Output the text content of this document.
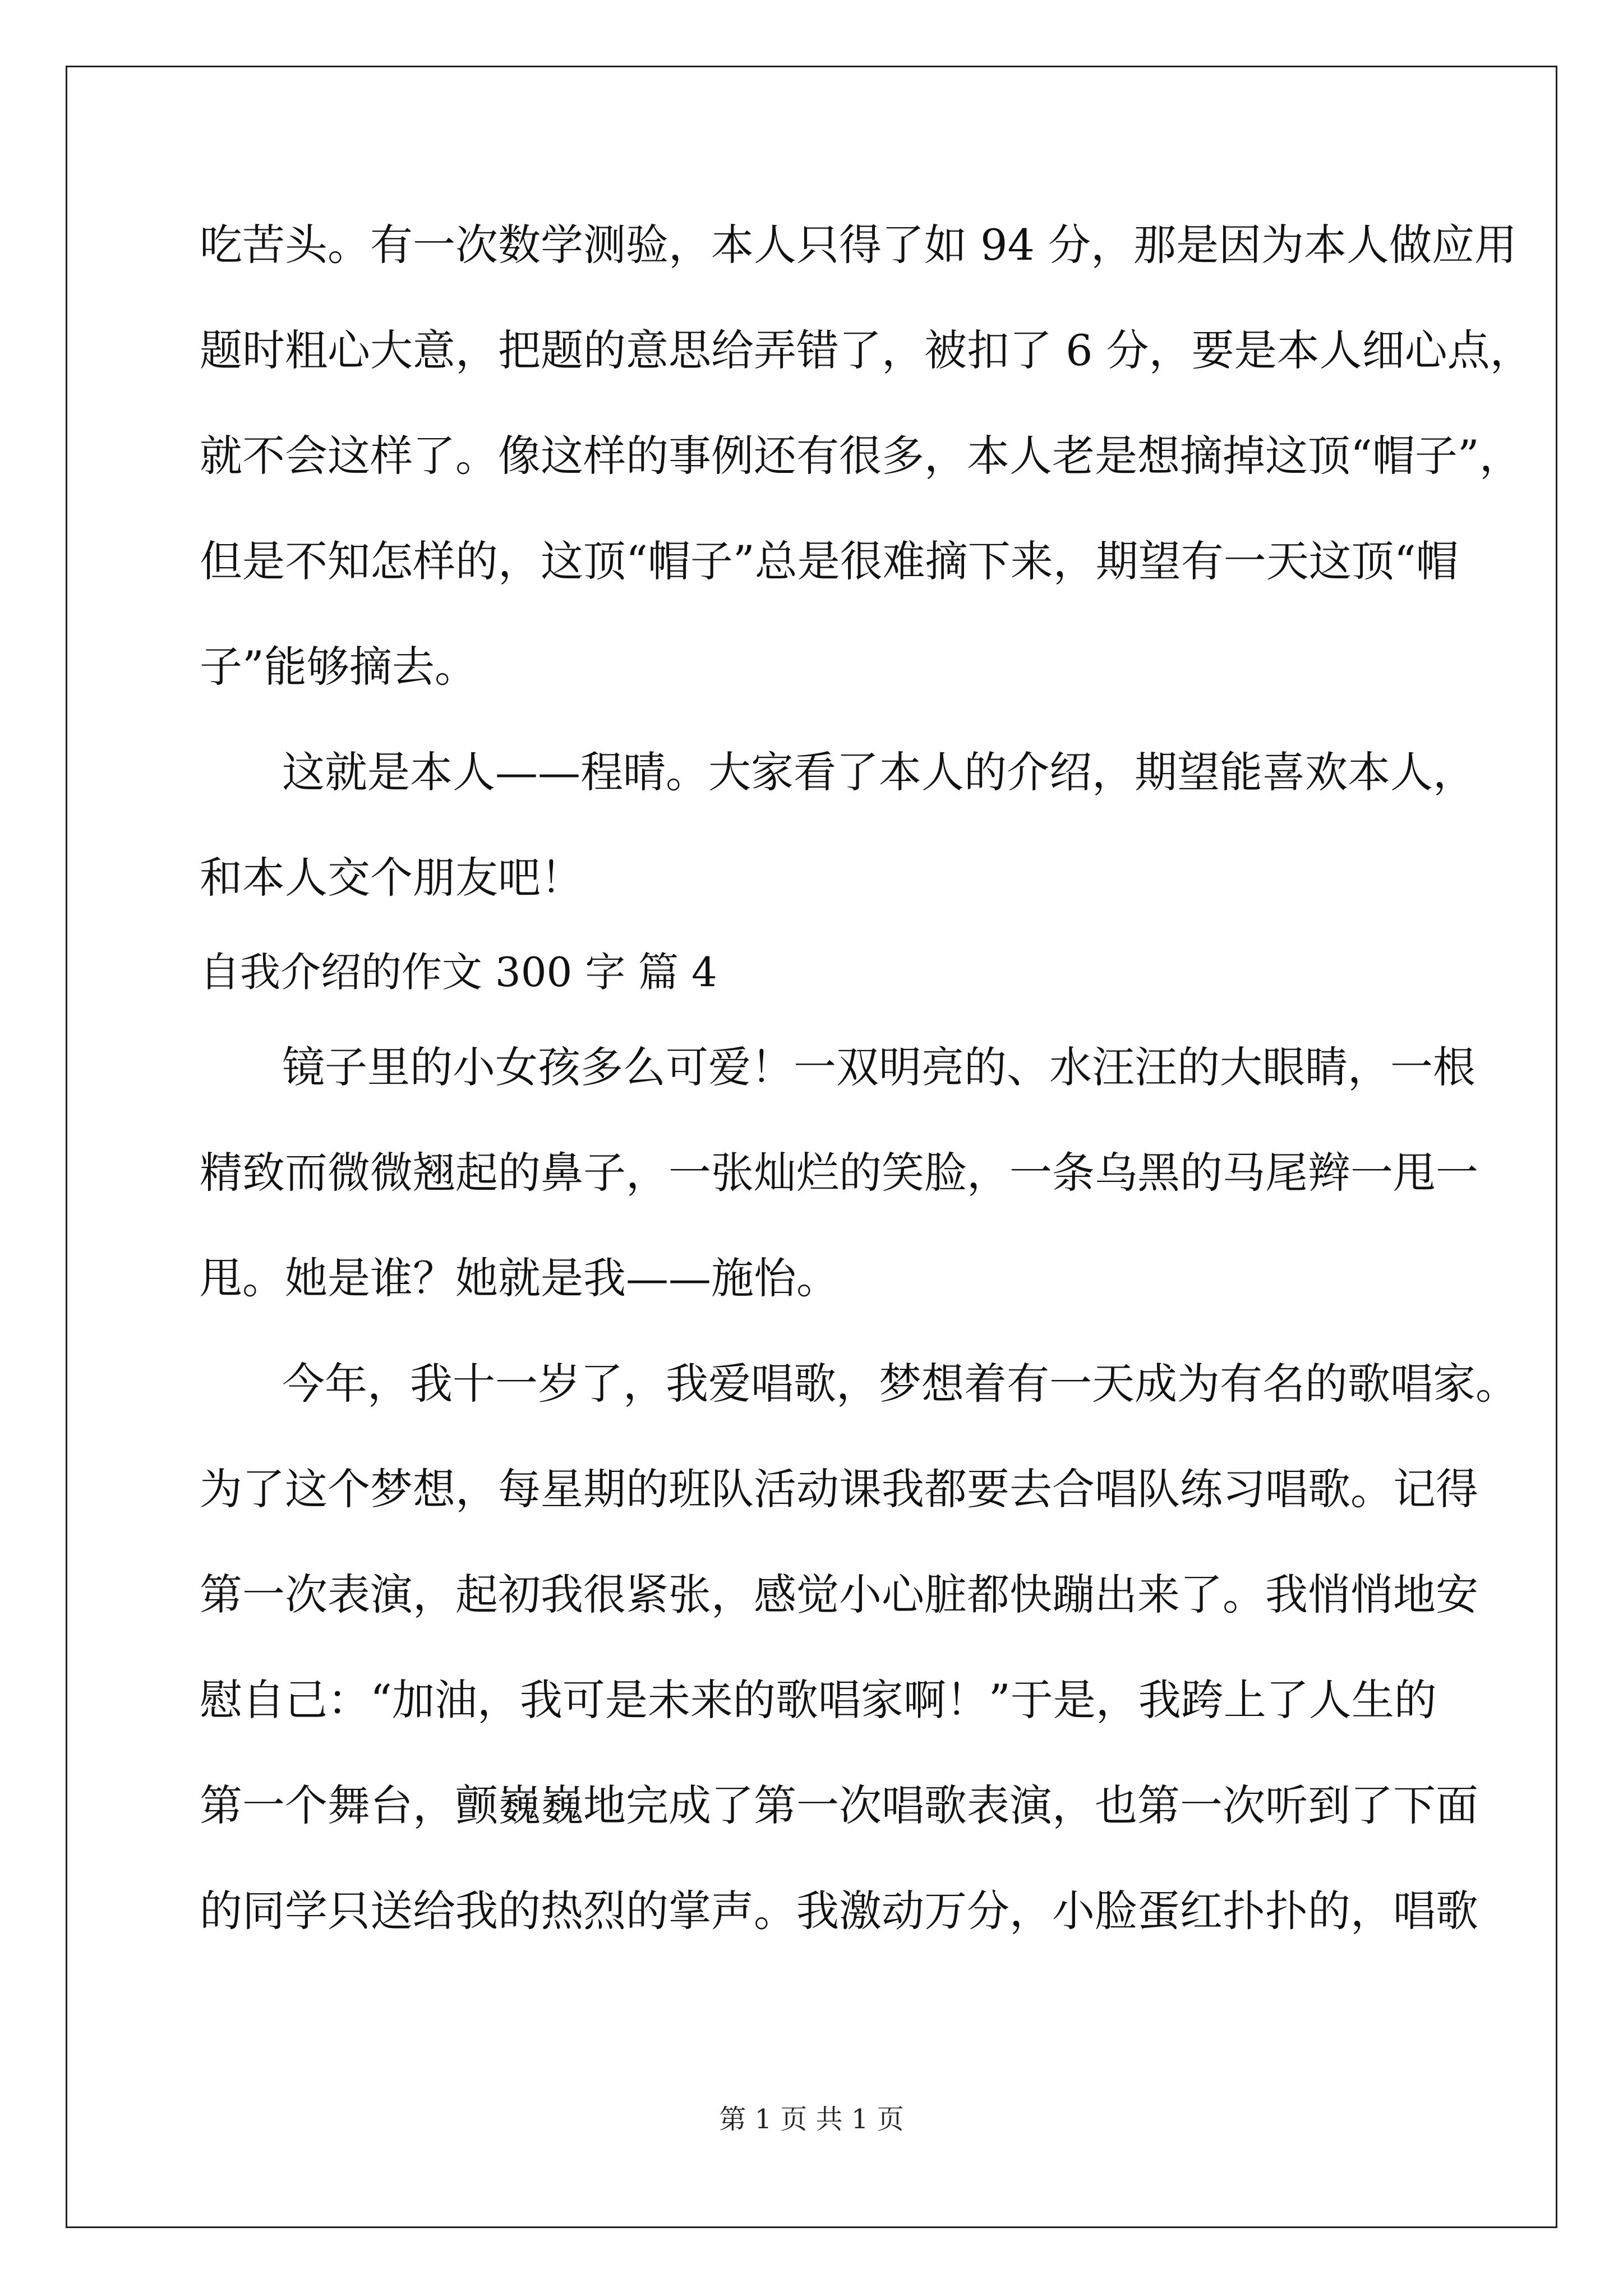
吃苦头。有一次数学测验，本人只得了如 94 分，那是因为本人做应用
题时粗心大意，把题的意思给弄错了，被扣了 6 分，要是本人细心点，
就不会这样了。像这样的事例还有很多，本人老是想摘掉这顶“帽子”，
但是不知怎样的，这顶“帽子”总是很难摘下来，期望有一天这顶“帽
子”能够摘去。
这就是本人——程晴。大家看了本人的介绍，期望能喜欢本人，
和本人交个朋友吧！
自我介绍的作文 300 字 篇 4
镜子里的小女孩多么可爱！一双明亮的、水汪汪的大眼睛，一根
精致而微微翘起的鼻子，一张灿烂的笑脸，一条乌黑的马尾辫一甩一
甩。她是谁？她就是我——施怡。
今年，我十一岁了，我爱唱歌，梦想着有一天成为有名的歌唱家。
为了这个梦想，每星期的班队活动课我都要去合唱队练习唱歌。记得
第一次表演，起初我很紧张，感觉小心脏都快蹦出来了。我悄悄地安
慰自己：“加油，我可是未来的歌唱家啊！”于是，我跨上了人生的
第一个舞台，颤巍巍地完成了第一次唱歌表演，也第一次听到了下面
的同学只送给我的热烈的掌声。我激动万分，小脸蛋红扑扑的，唱歌
第 1 页 共 1 页
